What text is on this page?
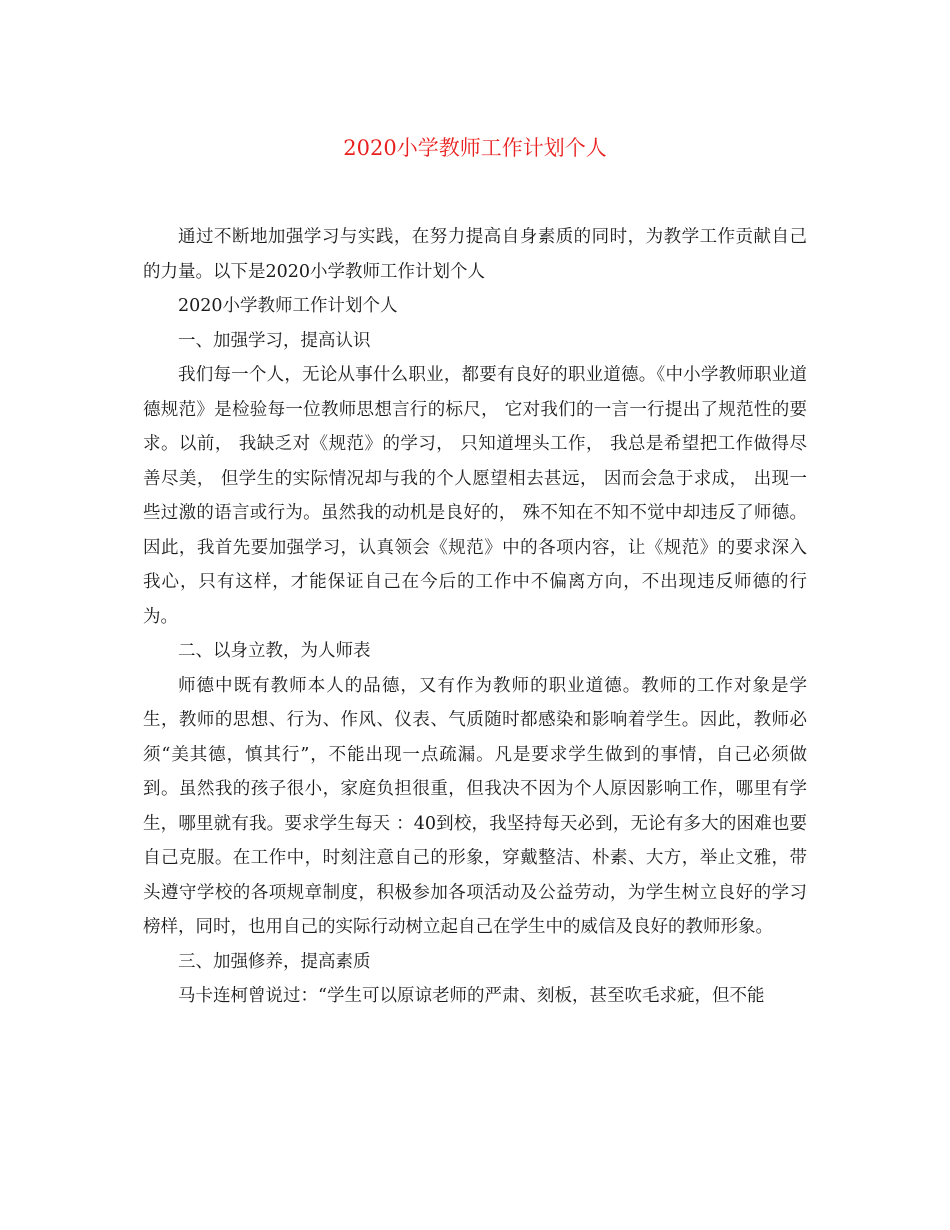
2020小学教师工作计划个人

通过不断地加强学习与实践，在努力提高自身素质的同时，为教学工作贡献自己的力量。以下是2020小学教师工作计划个人

2020小学教师工作计划个人

一、加强学习，提高认识

我们每一个人，无论从事什么职业，都要有良好的职业道德。《中小学教师职业道德规范》是检验每一位教师思想言行的标尺， 它对我们的一言一行提出了规范性的要求。以前， 我缺乏对《规范》的学习， 只知道埋头工作， 我总是希望把工作做得尽善尽美， 但学生的实际情况却与我的个人愿望相去甚远， 因而会急于求成， 出现一些过激的语言或行为。虽然我的动机是良好的， 殊不知在不知不觉中却违反了师德。因此，我首先要加强学习，认真领会《规范》中的各项内容，让《规范》的要求深入我心，只有这样，才能保证自己在今后的工作中不偏离方向，不出现违反师德的行为。

二、以身立教，为人师表

师德中既有教师本人的品德，又有作为教师的职业道德。教师的工作对象是学生，教师的思想、行为、作风、仪表、气质随时都感染和影响着学生。因此，教师必须“美其德，慎其行”，不能出现一点疏漏。凡是要求学生做到的事情，自己必须做到。虽然我的孩子很小，家庭负担很重，但我决不因为个人原因影响工作，哪里有学生，哪里就有我。要求学生每天 ：40到校，我坚持每天必到，无论有多大的困难也要自己克服。在工作中，时刻注意自己的形象，穿戴整洁、朴素、大方，举止文雅，带头遵守学校的各项规章制度，积极参加各项活动及公益劳动，为学生树立良好的学习榜样，同时，也用自己的实际行动树立起自己在学生中的威信及良好的教师形象。

三、加强修养，提高素质

马卡连柯曾说过：“学生可以原谅老师的严肃、刻板，甚至吹毛求疵，但不能
